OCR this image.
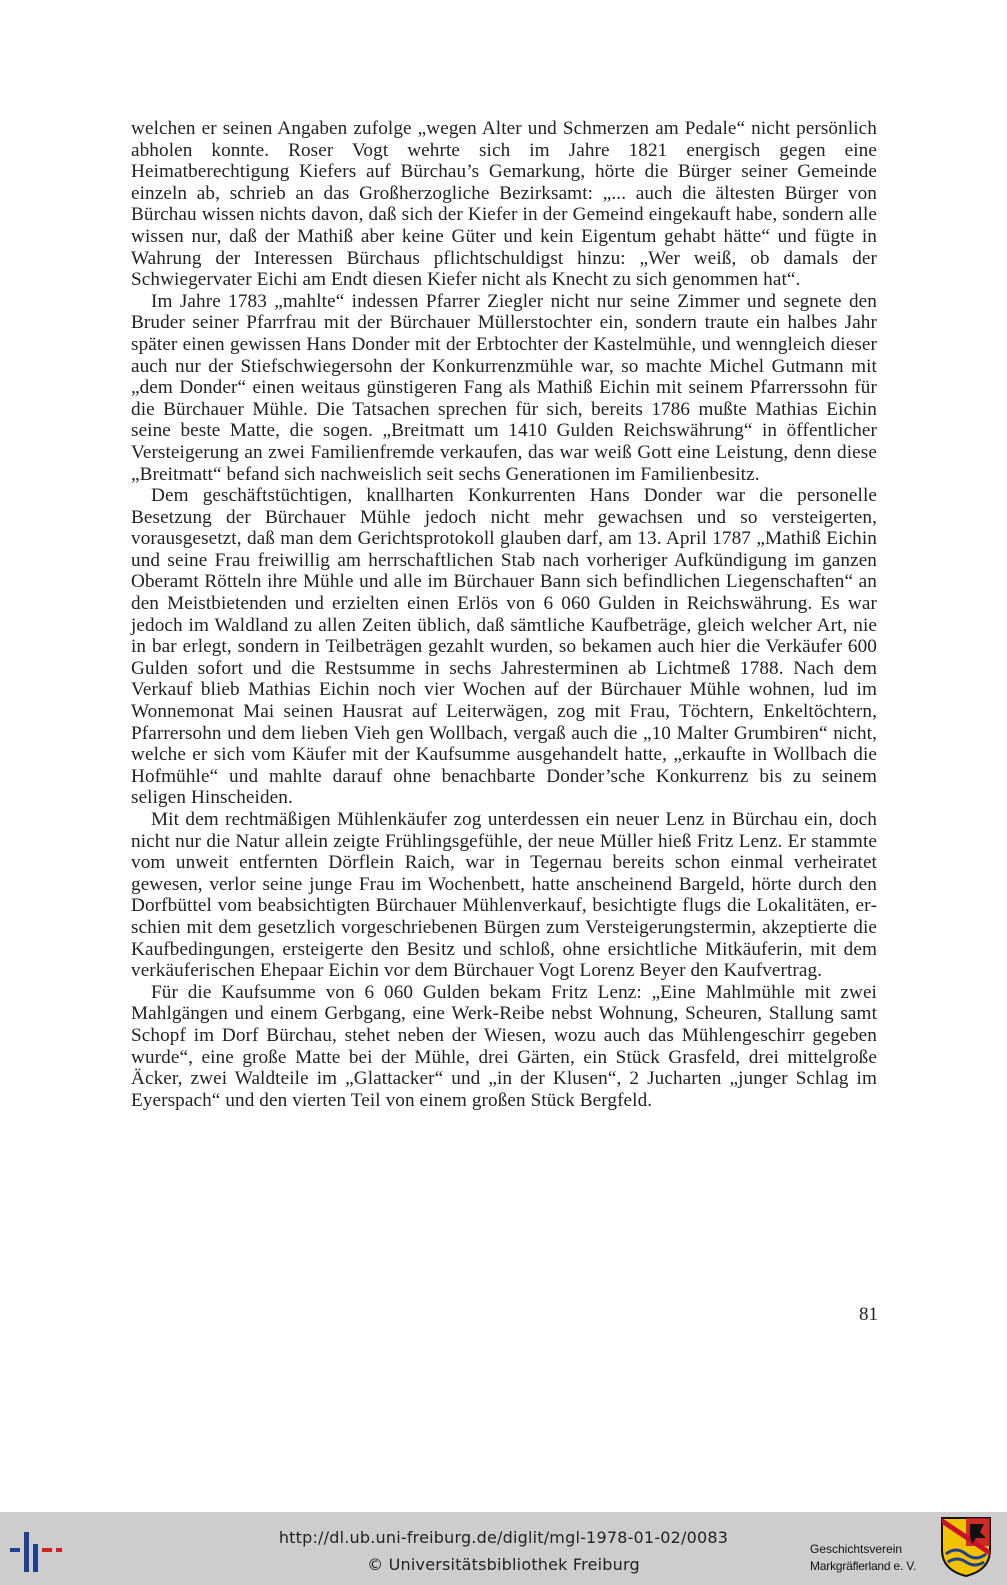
welchen er seinen Angaben zufolge „wegen Alter und Schmerzen am Pedale“ nicht persönlich abholen konnte. Roser Vogt wehrte sich im Jahre 1821 energisch gegen eine Heimatberechtigung Kiefers auf Bürchau’s Gemarkung, hörte die Bürger seiner Gemeinde einzeln ab, schrieb an das Großherzogliche Bezirksamt: „... auch die ältesten Bürger von Bürchau wissen nichts davon, daß sich der Kiefer in der Gemeind eingekauft habe, sondern alle wissen nur, daß der Mathiß aber keine Güter und kein Eigentum gehabt hätte“ und fügte in Wahrung der Interessen Bürchaus pflichtschuldigst hinzu: „Wer weiß, ob damals der Schwiegervater Eichi am Endt diesen Kiefer nicht als Knecht zu sich genommen hat“.

Im Jahre 1783 „mahlte“ indessen Pfarrer Ziegler nicht nur seine Zimmer und segnete den Bruder seiner Pfarrfrau mit der Bürchauer Müllerstochter ein, sondern traute ein halbes Jahr später einen gewissen Hans Donder mit der Erbtochter der Kastelmühle, und wenngleich dieser auch nur der Stiefschwiegersohn der Konkurrenzmühle war, so machte Michel Gutmann mit „dem Donder“ einen weitaus günstigeren Fang als Mathiß Eichin mit seinem Pfarrerssohn für die Bürchauer Mühle. Die Tatsachen sprechen für sich, bereits 1786 mußte Mathias Eichin seine beste Matte, die sogen. „Breitmatt um 1410 Gulden Reichswährung“ in öffentlicher Versteigerung an zwei Familienfremde verkaufen, das war weiß Gott eine Leistung, denn diese „Breitmatt“ befand sich nachweislich seit sechs Generationen im Familienbesitz.

Dem geschäftstüchtigen, knallharten Konkurrenten Hans Donder war die personelle Besetzung der Bürchauer Mühle jedoch nicht mehr gewachsen und so versteigerten, vorausgesetzt, daß man dem Gerichtsprotokoll glauben darf, am 13. April 1787 „Mathiß Eichin und seine Frau freiwillig am herrschaftlichen Stab nach vorheriger Aufkündigung im ganzen Oberamt Rötteln ihre Mühle und alle im Bürchauer Bann sich befindlichen Liegenschaften“ an den Meistbietenden und erzielten einen Erlös von 6 060 Gulden in Reichswährung. Es war jedoch im Waldland zu allen Zeiten üblich, daß sämtliche Kaufbeträge, gleich welcher Art, nie in bar erlegt, sondern in Teilbeträgen gezahlt wurden, so bekamen auch hier die Verkäufer 600 Gulden sofort und die Restsumme in sechs Jahresterminen ab Lichtmeß 1788. Nach dem Verkauf blieb Mathias Eichin noch vier Wochen auf der Bürchauer Mühle wohnen, lud im Wonnemonat Mai seinen Hausrat auf Leiterwägen, zog mit Frau, Töchtern, Enkeltöchtern, Pfarrersohn und dem lieben Vieh gen Wollbach, vergaß auch die „10 Malter Grumbiren“ nicht, welche er sich vom Käufer mit der Kaufsumme ausgehandelt hatte, „erkaufte in Wollbach die Hofmühle“ und mahlte darauf ohne benachbarte Donder’sche Konkurrenz bis zu seinem seligen Hinscheiden.

Mit dem rechtmäßigen Mühlenkäufer zog unterdessen ein neuer Lenz in Bürchau ein, doch nicht nur die Natur allein zeigte Frühlingsgefühle, der neue Müller hieß Fritz Lenz. Er stammte vom unweit entfernten Dörflein Raich, war in Tegernau bereits schon einmal verheiratet gewesen, verlor seine junge Frau im Wochenbett, hatte anscheinend Bargeld, hörte durch den Dorfbüttel vom beabsichtigten Bürchauer Mühlenverkauf, besichtigte flugs die Lokalitäten, erschien mit dem gesetzlich vorgeschriebenen Bürgen zum Versteigerungstermin, akzeptierte die Kaufbedingungen, ersteigerte den Besitz und schloß, ohne ersichtliche Mitkäuferin, mit dem verkäuferischen Ehepaar Eichin vor dem Bürchauer Vogt Lorenz Beyer den Kaufvertrag.

Für die Kaufsumme von 6 060 Gulden bekam Fritz Lenz: „Eine Mahlmühle mit zwei Mahlgängen und einem Gerbgang, eine Werk-Reibe nebst Wohnung, Scheuren, Stallung samt Schopf im Dorf Bürchau, stehet neben der Wiesen, wozu auch das Mühlengeschirr gegeben wurde“, eine große Matte bei der Mühle, drei Gärten, ein Stück Grasfeld, drei mittelgroße Äcker, zwei Waldteile im „Glattacker“ und „in der Klusen“, 2 Jucharten „junger Schlag im Eyerspach“ und den vierten Teil von einem großen Stück Bergfeld.

81
http://dl.ub.uni-freiburg.de/diglit/mgl-1978-01-02/0083
© Universitätsbibliothek Freiburg
Geschichtsverein
Markgräflerland e. V.
